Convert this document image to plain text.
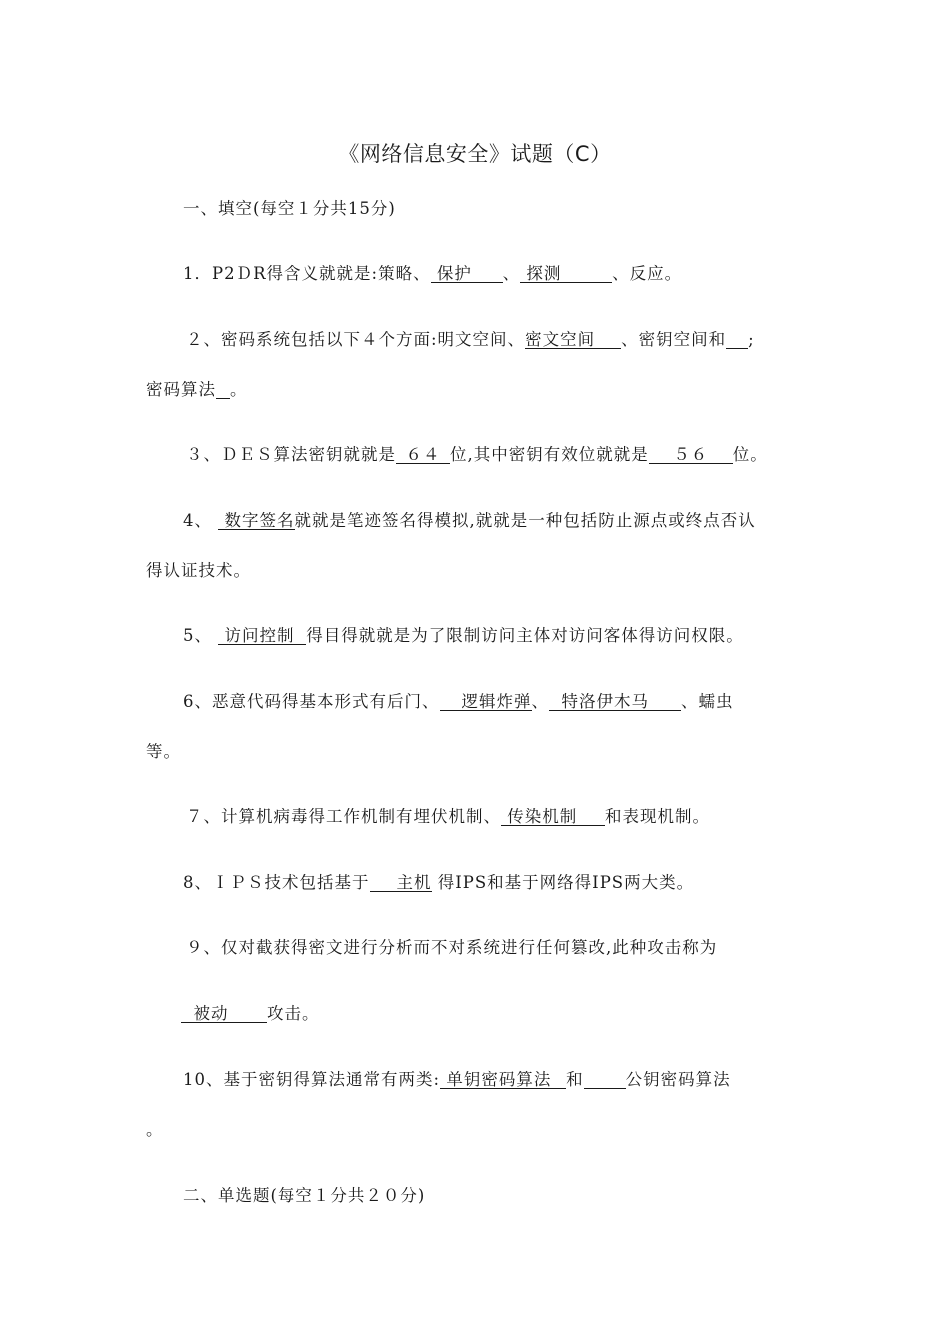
《网络信息安全》试题（C）
一、填空(每空１分共15分)
1．P2ＤR得含义就就是:策略、 保护 、 探测	、反应。
２、密码系统包括以下４个方面:明文空间、密文空间 、密钥空间和 ;
密码算法 。
３、ＤＥＳ算法密钥就就是 ６４ 位,其中密钥有效位就就是 ５６ 位。
4、 数字签名就就是笔迹签名得模拟,就就是一种包括防止源点或终点否认
得认证技术。
5、 访问控制 得目得就就是为了限制访问主体对访问客体得访问权限。
6、恶意代码得基本形式有后门、 逻辑炸弹、 特洛伊木马 、蠕虫
等。
７、计算机病毒得工作机制有埋伏机制、 传染机制 和表现机制。
8、ＩＰＳ技术包括基于 主机 得IPS和基于网络得IPS两大类。
９、仅对截获得密文进行分析而不对系统进行任何篡改,此种攻击称为
被动 攻击。
10、基于密钥得算法通常有两类: 单钥密码算法 和	公钥密码算法
。
二、单选题(每空１分共２０分)
